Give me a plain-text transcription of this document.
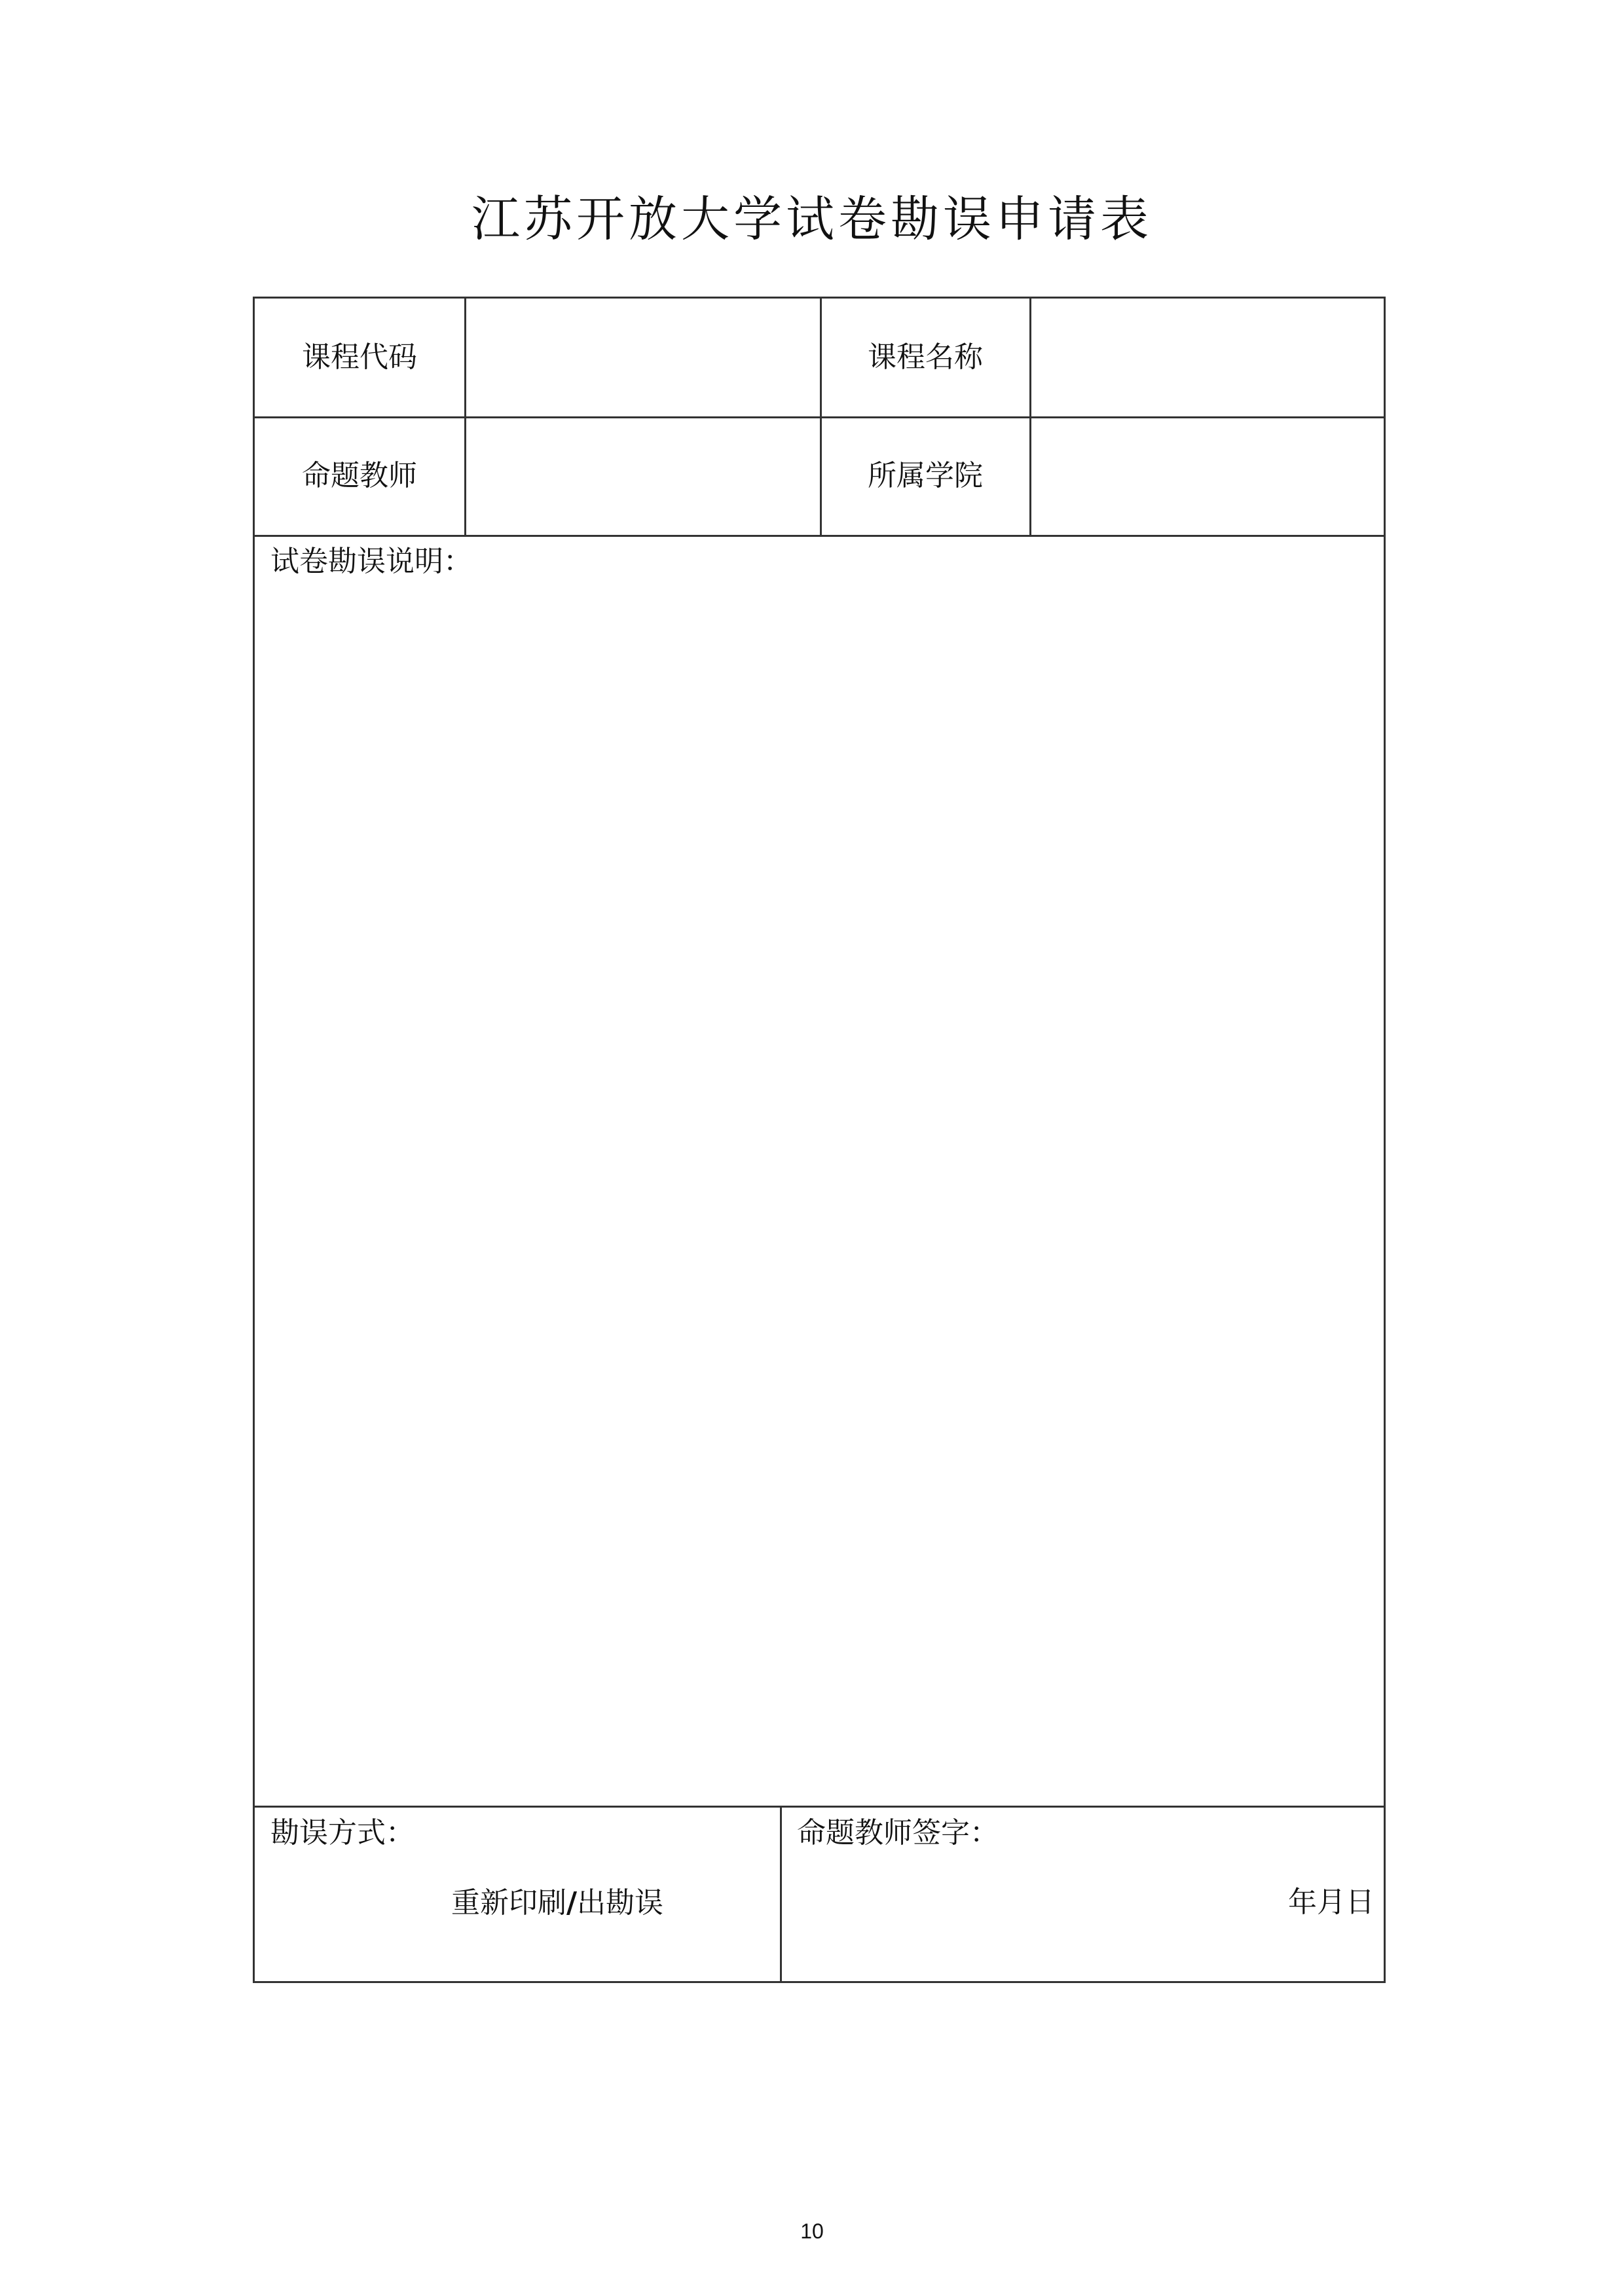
江苏开放大学试卷勘误申请表
课程代码	课程名称
命题教师	所属学院
试卷勘误说明：
勘误方式：
重新印刷/出勘误
命题教师签字：
年月日
10
